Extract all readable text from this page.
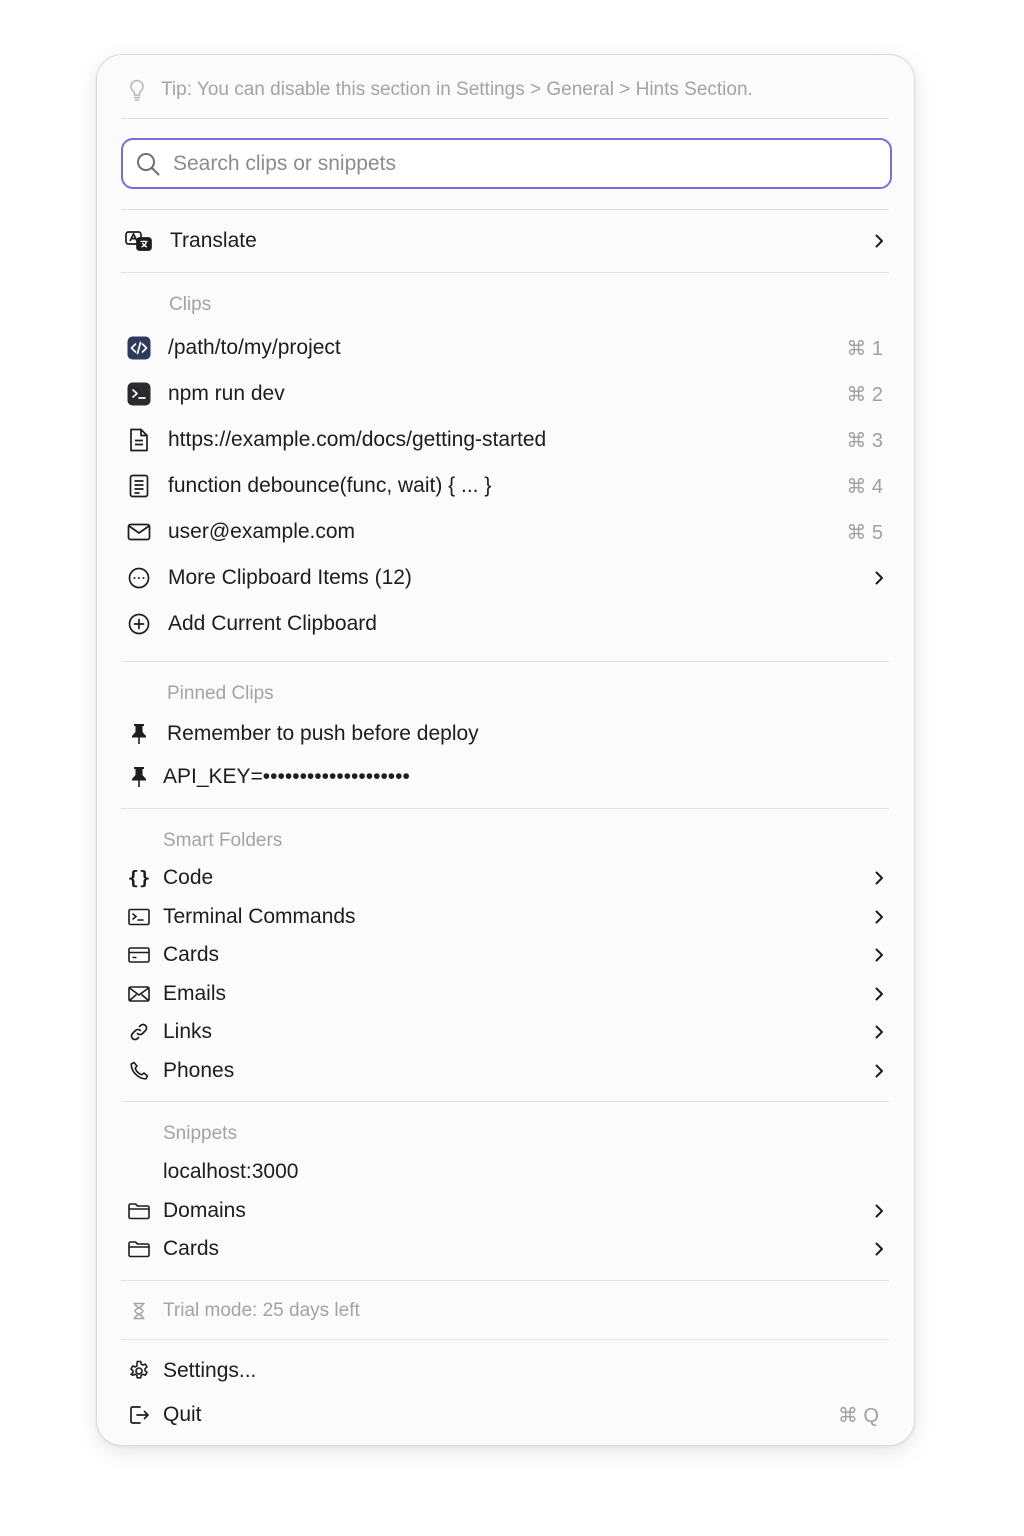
Tip: You can disable this section in Settings > General > Hints Section.
Search clips or snippets
Translate
Clips
/path/to/my/project	⌘ 1
npm run dev	⌘ 2
https://example.com/docs/getting-started	⌘ 3
function debounce(func, wait) { ... }	⌘ 4
user@example.com	⌘ 5
More Clipboard Items (12)
Add Current Clipboard
Pinned Clips
Remember to push before deploy
API_KEY=••••••••••••••••••••
Smart Folders
{} Code
Terminal Commands
Cards
Emails
Links
Phones
Snippets
localhost:3000
Domains
Cards
Trial mode: 25 days left
Settings...
Quit	⌘ Q
